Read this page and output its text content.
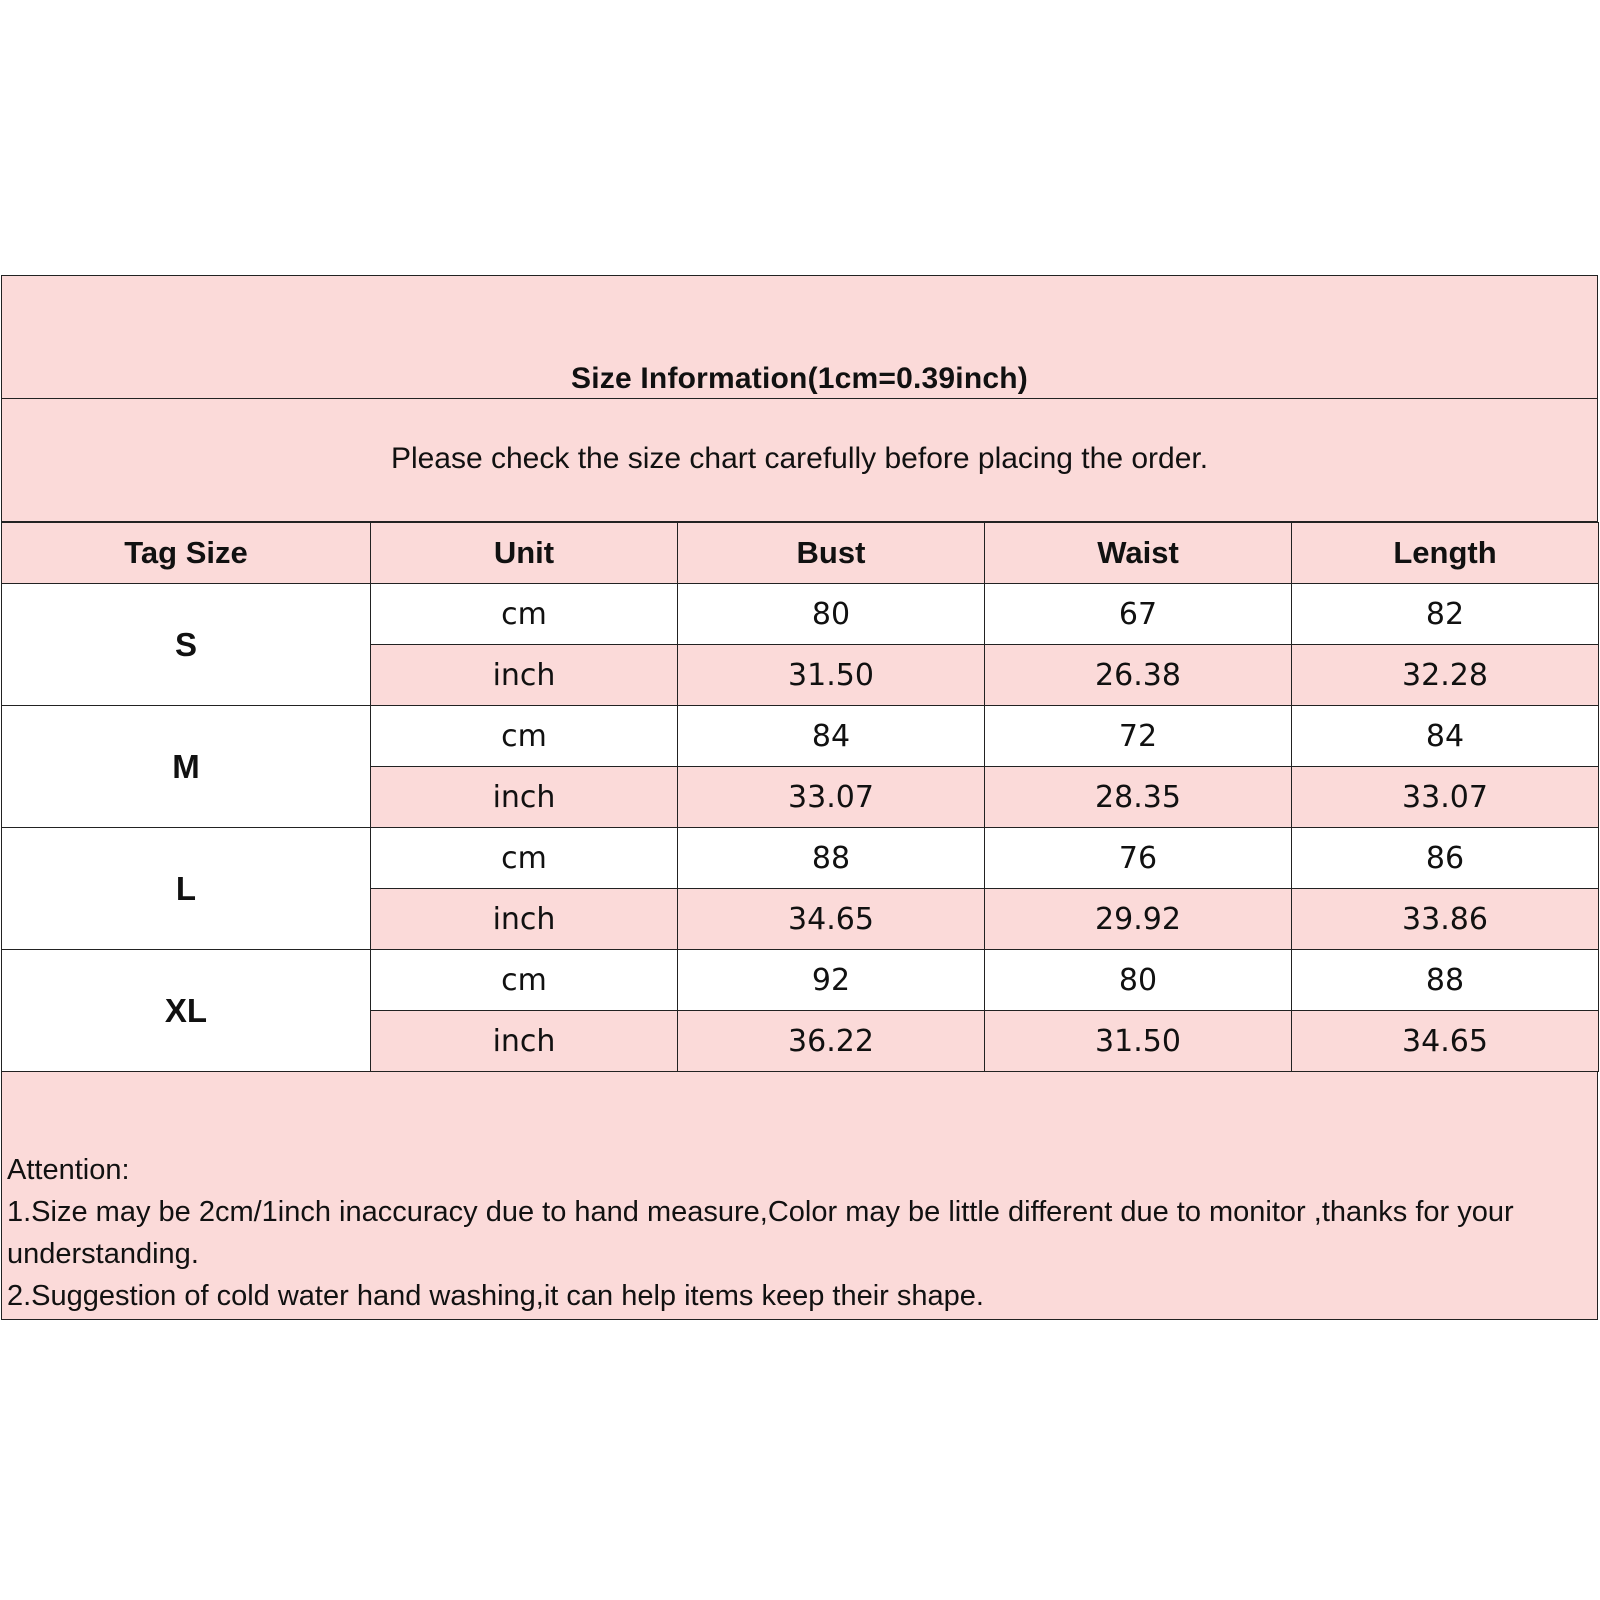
Size Information(1cm=0.39inch)
Please check the size chart carefully before placing the order.
Tag Size	Unit	Bust	Waist	Length
S	cm	80	67	82
	inch	31.50	26.38	32.28
M	cm	84	72	84
	inch	33.07	28.35	33.07
L	cm	88	76	86
	inch	34.65	29.92	33.86
XL	cm	92	80	88
	inch	36.22	31.50	34.65
Attention:
1.Size may be 2cm/1inch inaccuracy due to hand measure,Color may be little different due to monitor ,thanks for your understanding.
2.Suggestion of cold water hand washing,it can help items keep their shape.
